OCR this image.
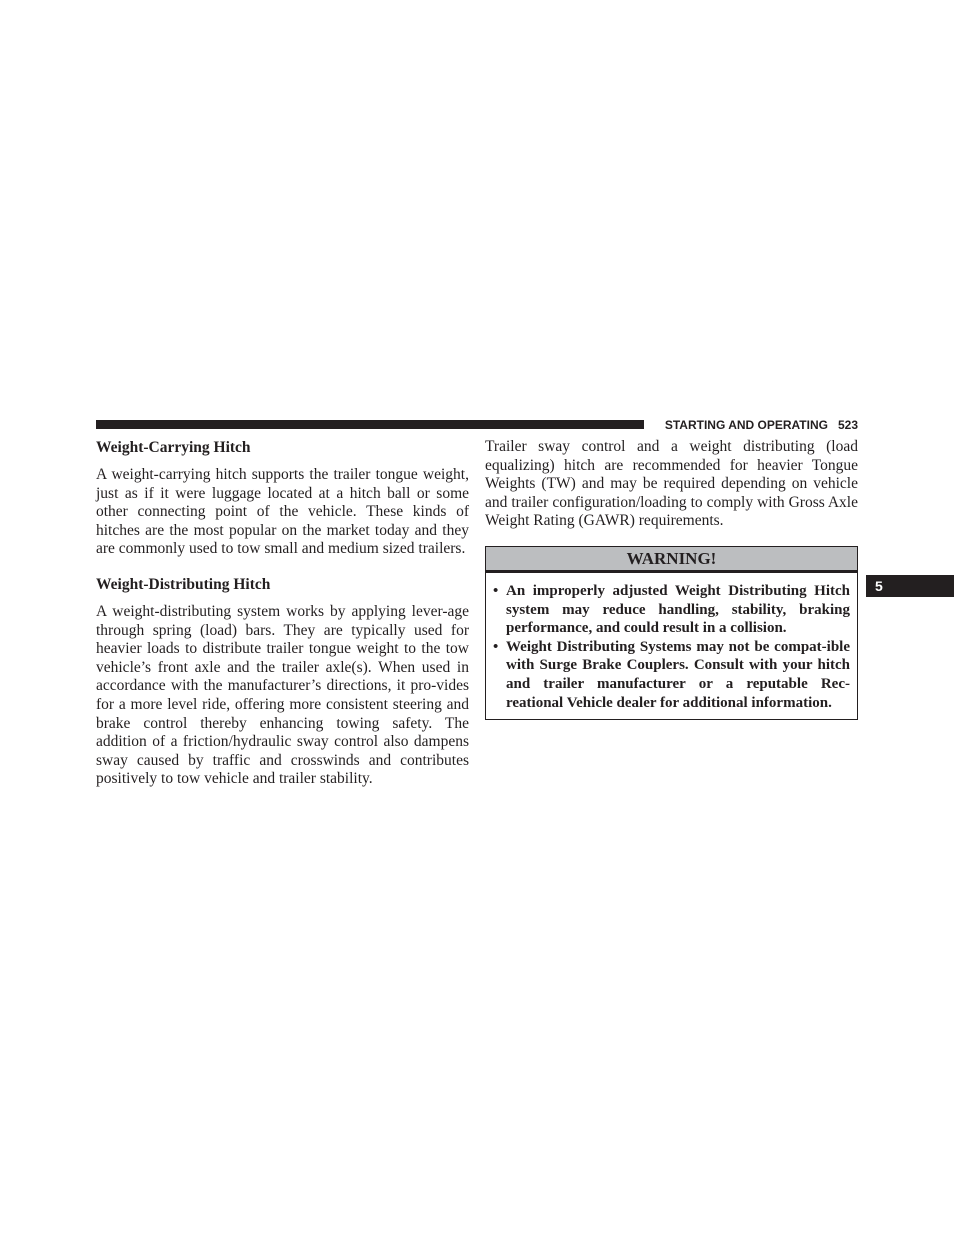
STARTING AND OPERATING 523
Weight-Carrying Hitch

A weight-carrying hitch supports the trailer tongue weight, just as if it were luggage located at a hitch ball or some other connecting point of the vehicle. These kinds of hitches are the most popular on the market today and they are commonly used to tow small and medium sized trailers.

Weight-Distributing Hitch

A weight-distributing system works by applying lever-age through spring (load) bars. They are typically used for heavier loads to distribute trailer tongue weight to the tow vehicle’s front axle and the trailer axle(s). When used in accordance with the manufacturer’s directions, it pro-vides for a more level ride, offering more consistent steering and brake control thereby enhancing towing safety. The addition of a friction/hydraulic sway control also dampens sway caused by traffic and crosswinds and contributes positively to tow vehicle and trailer stability.

Trailer sway control and a weight distributing (load equalizing) hitch are recommended for heavier Tongue Weights (TW) and may be required depending on vehicle and trailer configuration/loading to comply with Gross Axle Weight Rating (GAWR) requirements.

WARNING!
• An improperly adjusted Weight Distributing Hitch system may reduce handling, stability, braking performance, and could result in a collision.
• Weight Distributing Systems may not be compat-ible with Surge Brake Couplers. Consult with your hitch and trailer manufacturer or a reputable Rec-reational Vehicle dealer for additional information.
5
